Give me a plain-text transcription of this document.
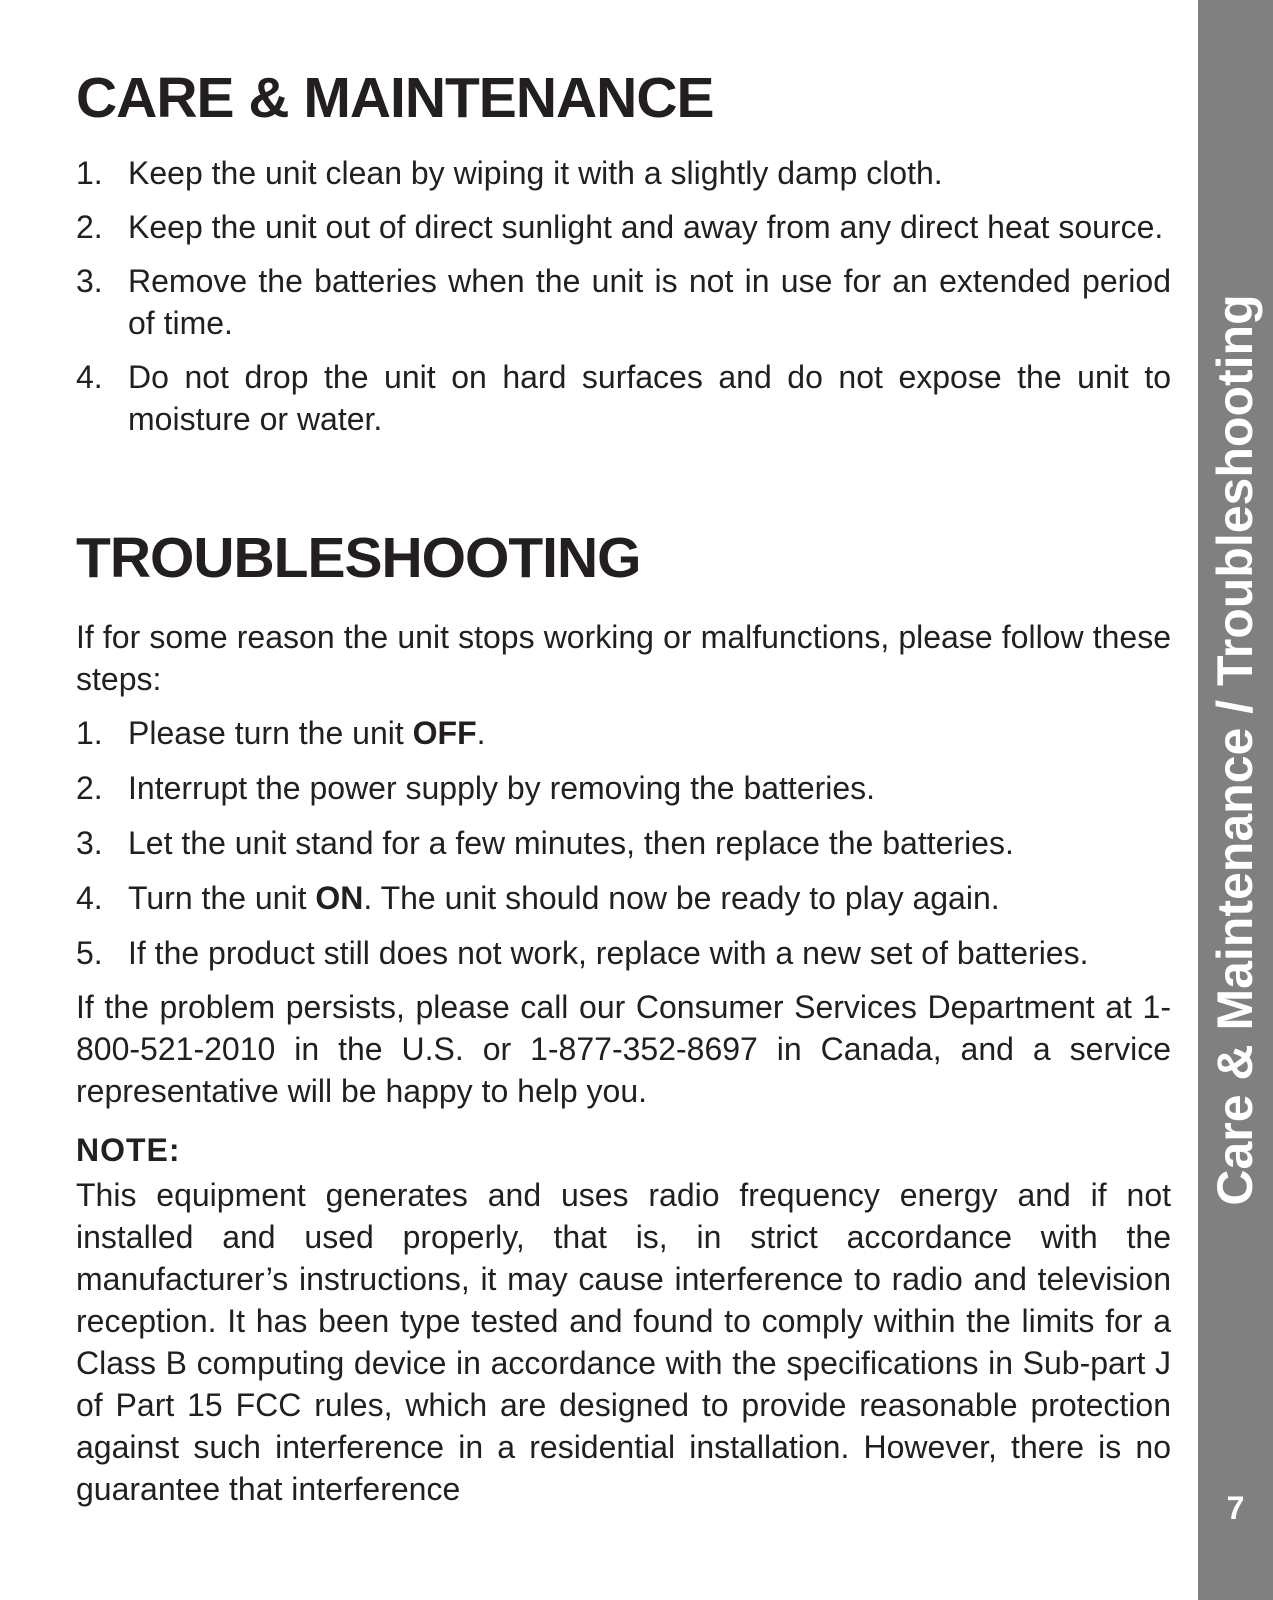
CARE & MAINTENANCE
1. Keep the unit clean by wiping it with a slightly damp cloth.
2. Keep the unit out of direct sunlight and away from any direct heat source.
3. Remove the batteries when the unit is not in use for an extended period of time.
4. Do not drop the unit on hard surfaces and do not expose the unit to moisture or water.
TROUBLESHOOTING

If for some reason the unit stops working or malfunctions, please follow these steps:

1. Please turn the unit OFF.
2. Interrupt the power supply by removing the batteries.
3. Let the unit stand for a few minutes, then replace the batteries.
4. Turn the unit ON. The unit should now be ready to play again.
5. If the product still does not work, replace with a new set of batteries.

If the problem persists, please call our Consumer Services Department at 1-800-521-2010 in the U.S. or 1-877-352-8697 in Canada, and a service representative will be happy to help you.

NOTE:

This equipment generates and uses radio frequency energy and if not installed and used properly, that is, in strict accordance with the manufacturer’s instructions, it may cause interference to radio and television reception. It has been type tested and found to comply within the limits for a Class B computing device in accordance with the specifications in Sub-part J of Part 15 FCC rules, which are designed to provide reasonable protection against such interference in a residential installation. However, there is no guarantee that interference

Care & Maintenance / Troubleshooting
7
